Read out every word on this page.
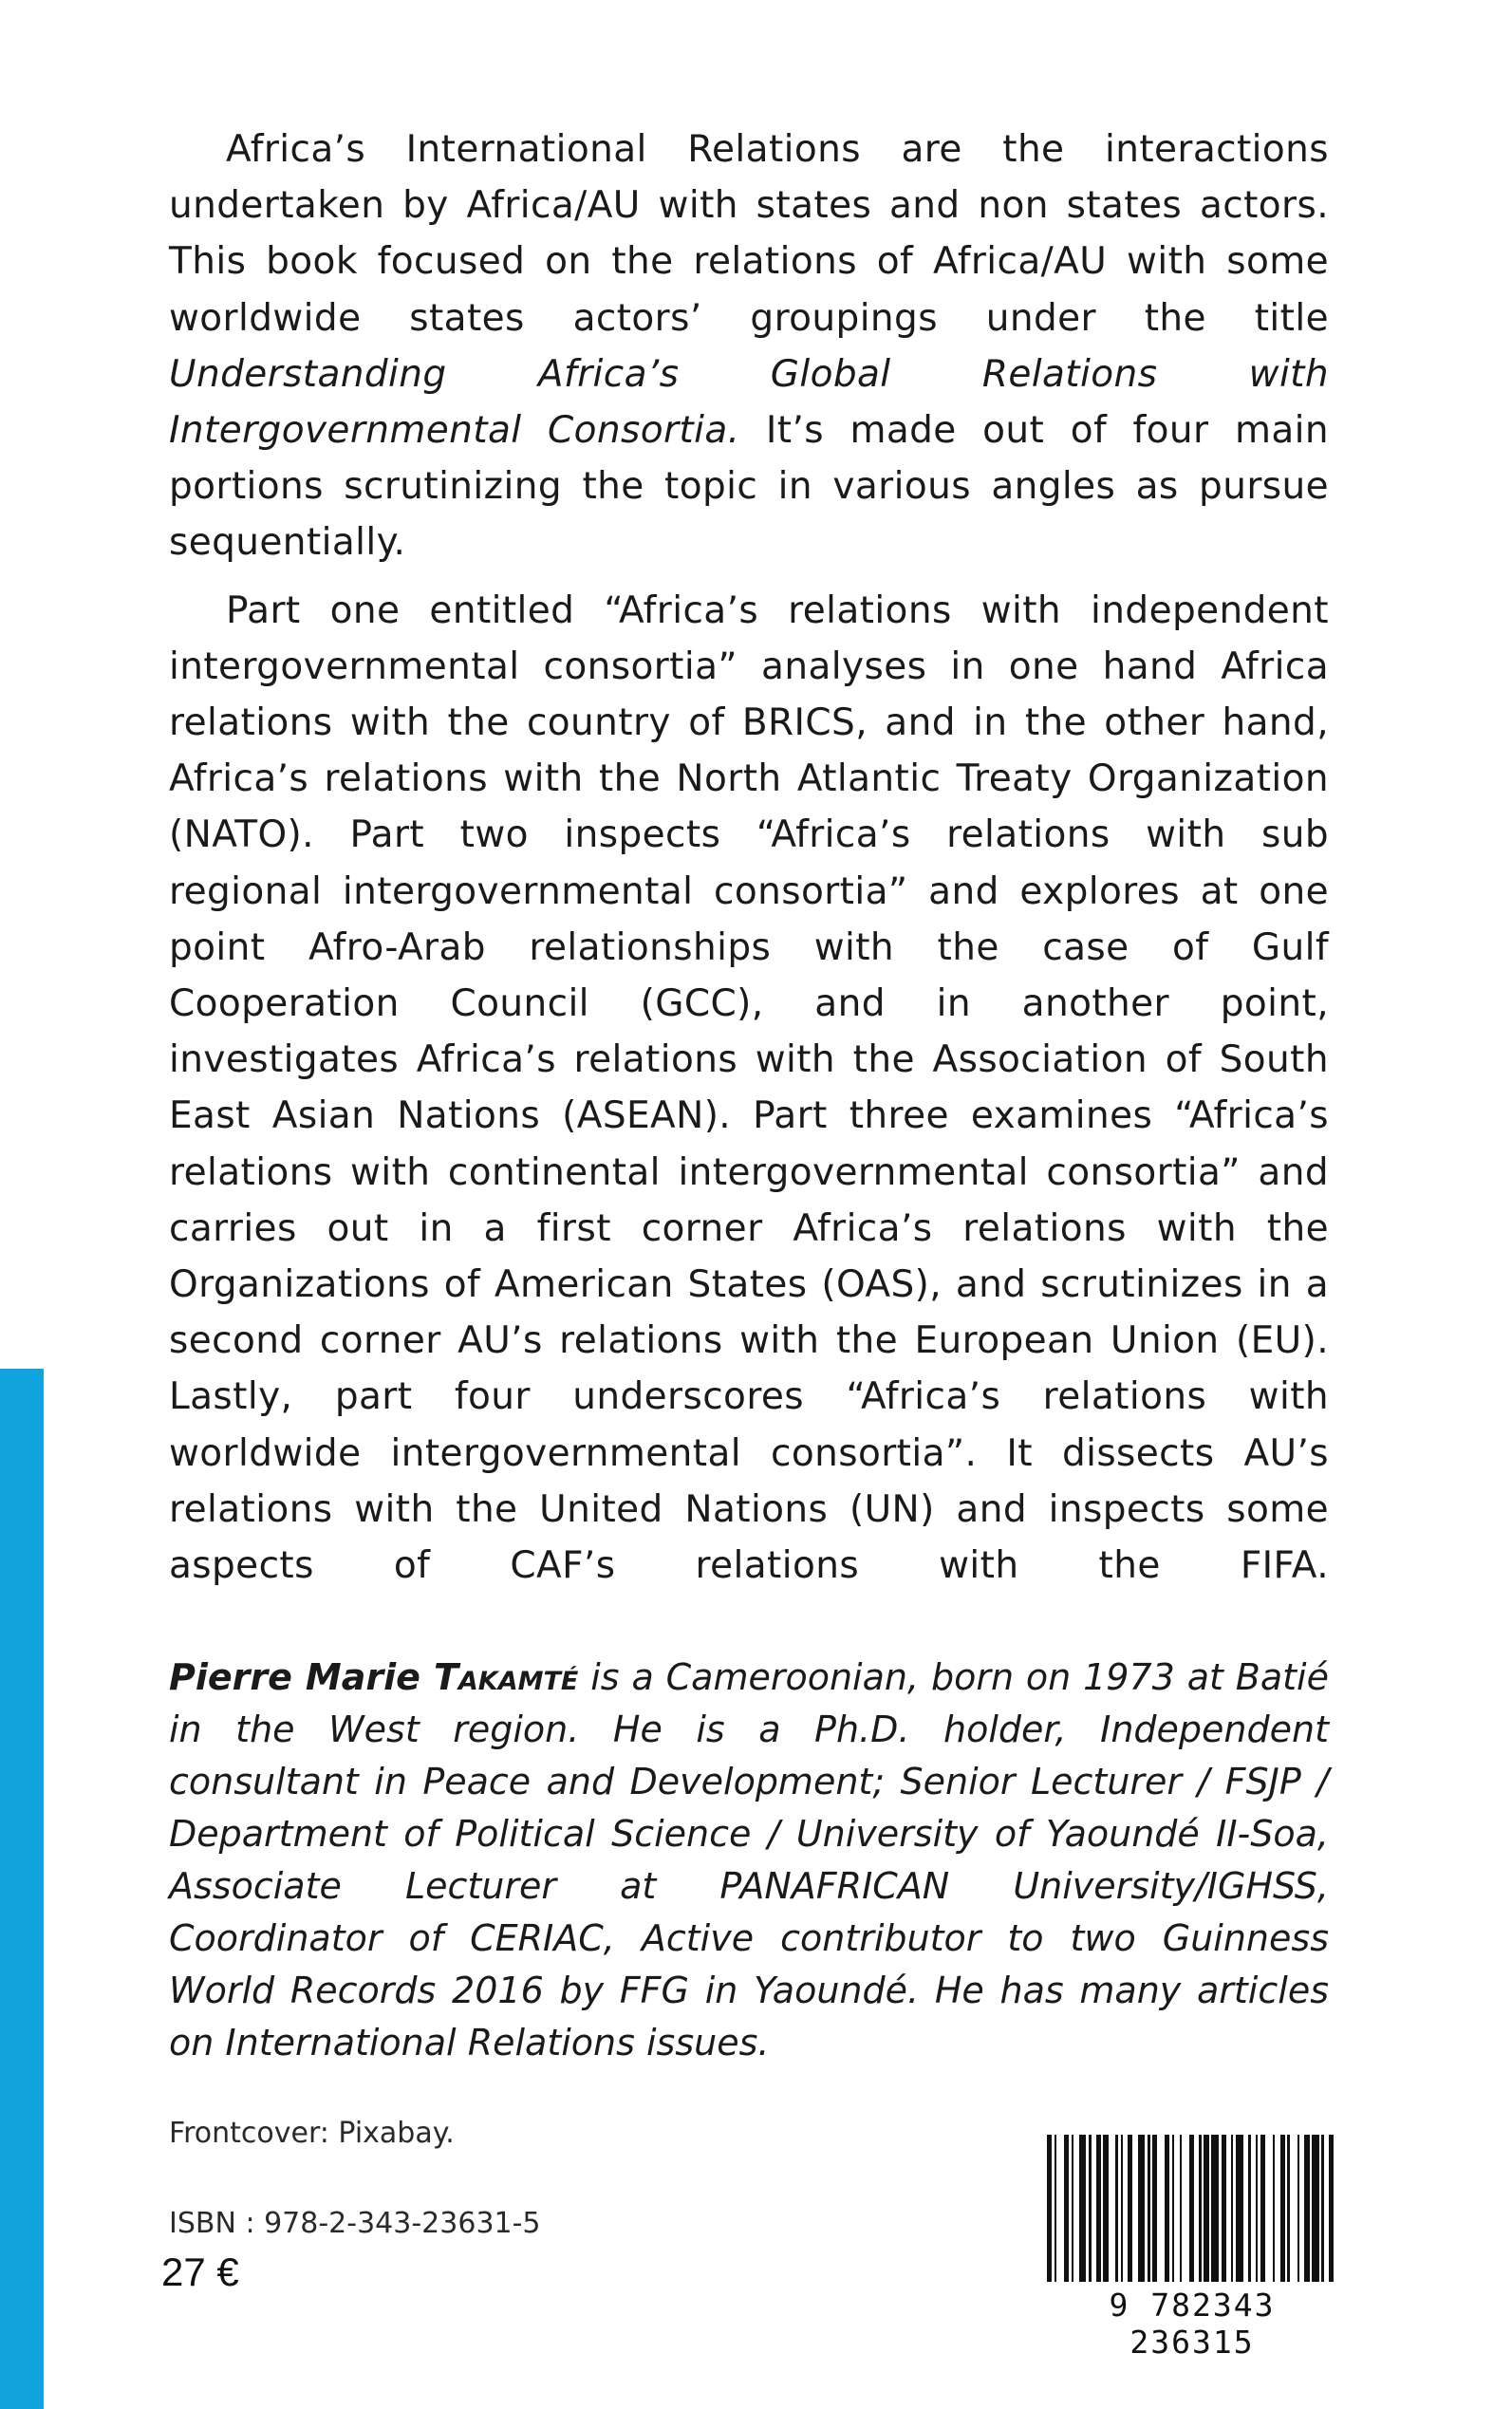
Africa’s International Relations are the interactions undertaken by Africa/AU with states and non states actors. This book focused on the relations of Africa/AU with some worldwide states actors’ groupings under the title Understanding Africa’s Global Relations with Intergovernmental Consortia. It’s made out of four main portions scrutinizing the topic in various angles as pursue sequentially.

Part one entitled “Africa’s relations with independent intergovernmental consortia” analyses in one hand Africa relations with the country of BRICS, and in the other hand, Africa’s relations with the North Atlantic Treaty Organization (NATO). Part two inspects “Africa’s relations with sub regional intergovernmental consortia” and explores at one point Afro-Arab relationships with the case of Gulf Cooperation Council (GCC), and in another point, investigates Africa’s relations with the Association of South East Asian Nations (ASEAN). Part three examines “Africa’s relations with continental intergovernmental consortia” and carries out in a first corner Africa’s relations with the Organizations of American States (OAS), and scrutinizes in a second corner AU’s relations with the European Union (EU). Lastly, part four underscores “Africa’s relations with worldwide intergovernmental consortia”. It dissects AU’s relations with the United Nations (UN) and inspects some aspects of CAF’s relations with the FIFA.

Pierre Marie Takamté is a Cameroonian, born on 1973 at Batié in the West region. He is a Ph.D. holder, Independent consultant in Peace and Development; Senior Lecturer / FSJP / Department of Political Science / University of Yaoundé II-Soa, Associate Lecturer at PANAFRICAN University/IGHSS, Coordinator of CERIAC, Active contributor to two Guinness World Records 2016 by FFG in Yaoundé. He has many articles on International Relations issues.

Frontcover: Pixabay.
ISBN : 978-2-343-23631-5
27 €
9 782343 236315
